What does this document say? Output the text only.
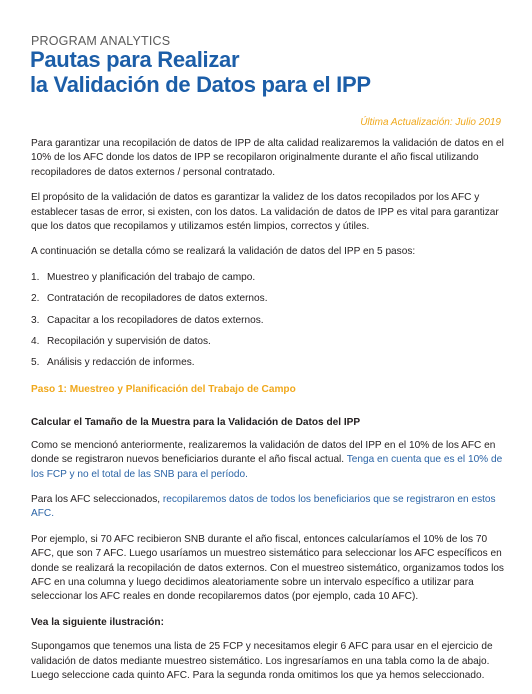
PROGRAM ANALYTICS
Pautas para Realizar
la Validación de Datos para el IPP
Última Actualización: Julio 2019

Para garantizar una recopilación de datos de IPP de alta calidad realizaremos la validación de datos en el 10% de los AFC donde los datos de IPP se recopilaron originalmente durante el año fiscal utilizando recopiladores de datos externos / personal contratado.

El propósito de la validación de datos es garantizar la validez de los datos recopilados por los AFC y establecer tasas de error, si existen, con los datos. La validación de datos de IPP es vital para garantizar que los datos que recopilamos y utilizamos estén limpios, correctos y útiles.

A continuación se detalla cómo se realizará la validación de datos del IPP en 5 pasos:

1. Muestreo y planificación del trabajo de campo.
2. Contratación de recopiladores de datos externos.
3. Capacitar a los recopiladores de datos externos.
4. Recopilación y supervisión de datos.
5. Análisis y redacción de informes.
Paso 1: Muestreo y Planificación del Trabajo de Campo
Calcular el Tamaño de la Muestra para la Validación de Datos del IPP

Como se mencionó anteriormente, realizaremos la validación de datos del IPP en el 10% de los AFC en donde se registraron nuevos beneficiarios durante el año fiscal actual. Tenga en cuenta que es el 10% de los FCP y no el total de las SNB para el período.

Para los AFC seleccionados, recopilaremos datos de todos los beneficiarios que se registraron en estos AFC.

Por ejemplo, si 70 AFC recibieron SNB durante el año fiscal, entonces calcularíamos el 10% de los 70 AFC, que son 7 AFC. Luego usaríamos un muestreo sistemático para seleccionar los AFC específicos en donde se realizará la recopilación de datos externos. Con el muestreo sistemático, organizamos todos los AFC en una columna y luego decidimos aleatoriamente sobre un intervalo específico a utilizar para seleccionar los AFC reales en donde recopilaremos datos (por ejemplo, cada 10 AFC).

Vea la siguiente ilustración:

Supongamos que tenemos una lista de 25 FCP y necesitamos elegir 6 AFC para usar en el ejercicio de validación de datos mediante muestreo sistemático. Los ingresaríamos en una tabla como la de abajo. Luego seleccione cada quinto AFC. Para la segunda ronda omitimos los que ya hemos seleccionado.
